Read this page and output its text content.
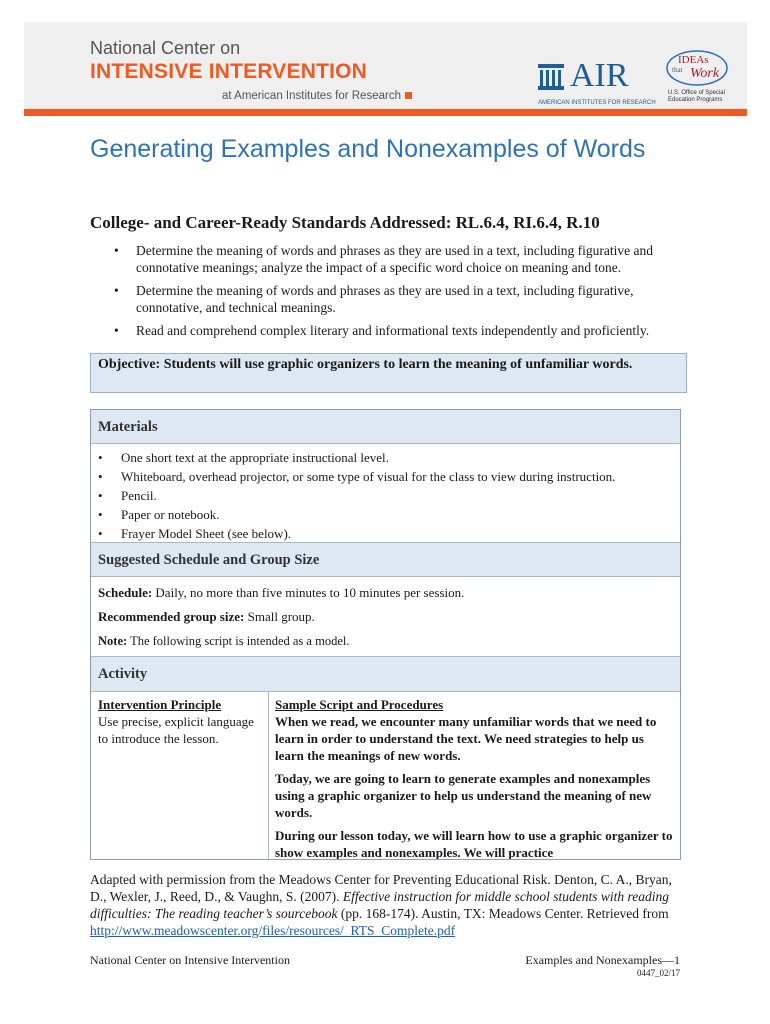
National Center on
INTENSIVE INTERVENTION
at American Institutes for Research
AIR
AMERICAN INSTITUTES FOR RESEARCH
IDEAs
that Work
U.S. Office of Special Education Programs
Generating Examples and Nonexamples of Words
College- and Career-Ready Standards Addressed: RL.6.4, RI.6.4, R.10
• Determine the meaning of words and phrases as they are used in a text, including figurative and connotative meanings; analyze the impact of a specific word choice on meaning and tone.
• Determine the meaning of words and phrases as they are used in a text, including figurative, connotative, and technical meanings.
• Read and comprehend complex literary and informational texts independently and proficiently.
Objective: Students will use graphic organizers to learn the meaning of unfamiliar words.
Materials
• One short text at the appropriate instructional level.
• Whiteboard, overhead projector, or some type of visual for the class to view during instruction.
• Pencil.
• Paper or notebook.
• Frayer Model Sheet (see below).
Suggested Schedule and Group Size

Schedule: Daily, no more than five minutes to 10 minutes per session.

Recommended group size: Small group.

Note: The following script is intended as a model.

Activity
Intervention Principle
Use precise, explicit language to introduce the lesson.
Sample Script and Procedures

When we read, we encounter many unfamiliar words that we need to learn in order to understand the text. We need strategies to help us learn the meanings of new words.

Today, we are going to learn to generate examples and nonexamples using a graphic organizer to help us understand the meaning of new words.

During our lesson today, we will learn how to use a graphic organizer to show examples and nonexamples. We will practice

Adapted with permission from the Meadows Center for Preventing Educational Risk. Denton, C. A., Bryan, D., Wexler, J., Reed, D., & Vaughn, S. (2007). Effective instruction for middle school students with reading difficulties: The reading teacher’s sourcebook (pp. 168-174). Austin, TX: Meadows Center. Retrieved from http://www.meadowscenter.org/files/resources/_RTS_Complete.pdf

National Center on Intensive Intervention	Examples and Nonexamples—1
0447_02/17
